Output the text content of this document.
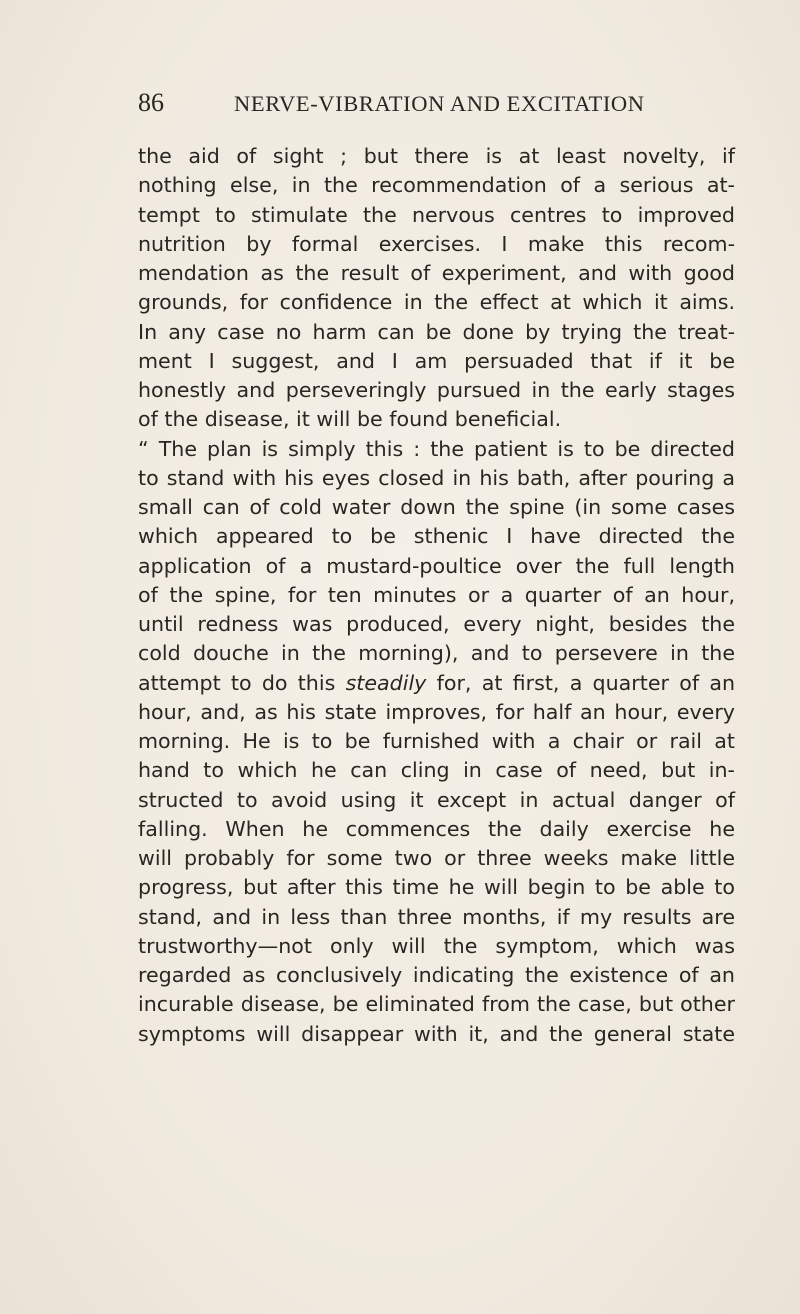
86	NERVE-VIBRATION AND EXCITATION
the aid of sight ; but there is at least novelty, if
nothing else, in the recommendation of a serious at-
tempt to stimulate the nervous centres to improved
nutrition by formal exercises. I make this recom-
mendation as the result of experiment, and with good
grounds, for confidence in the effect at which it aims.
In any case no harm can be done by trying the treat-
ment I suggest, and I am persuaded that if it be
honestly and perseveringly pursued in the early stages
of the disease, it will be found beneficial.
“ The plan is simply this : the patient is to be directed
to stand with his eyes closed in his bath, after pouring a
small can of cold water down the spine (in some cases
which appeared to be sthenic I have directed the
application of a mustard-poultice over the full length
of the spine, for ten minutes or a quarter of an hour,
until redness was produced, every night, besides the
cold douche in the morning), and to persevere in the
attempt to do this steadily for, at first, a quarter of an
hour, and, as his state improves, for half an hour, every
morning. He is to be furnished with a chair or rail at
hand to which he can cling in case of need, but in-
structed to avoid using it except in actual danger of
falling. When he commences the daily exercise he
will probably for some two or three weeks make little
progress, but after this time he will begin to be able to
stand, and in less than three months, if my results are
trustworthy—not only will the symptom, which was
regarded as conclusively indicating the existence of an
incurable disease, be eliminated from the case, but other
symptoms will disappear with it, and the general state
